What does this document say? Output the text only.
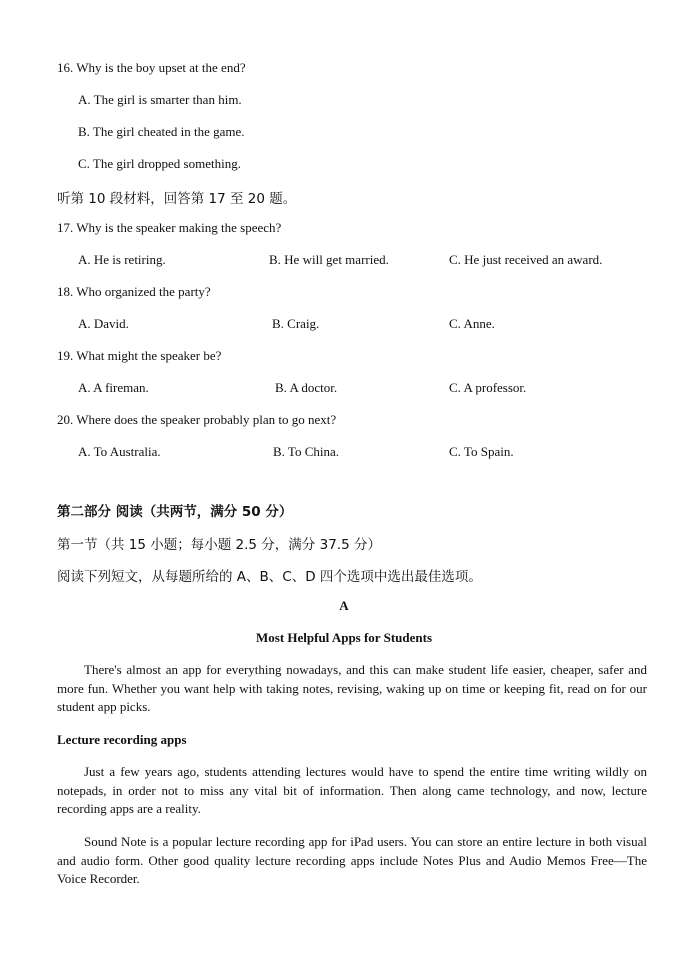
16. Why is the boy upset at the end?
A. The girl is smarter than him.
B. The girl cheated in the game.
C. The girl dropped something.
听第 10 段材料，回答第 17 至 20 题。
17. Why is the speaker making the speech?
A. He is retiring.	B. He will get married.	C. He just received an award.
18. Who organized the party?
A. David.	B. Craig.	C. Anne.
19. What might the speaker be?
A. A fireman.	B. A doctor.	C. A professor.
20. Where does the speaker probably plan to go next?
A. To Australia.	B. To China.	C. To Spain.
第二部分 阅读（共两节，满分 50 分）
第一节（共 15 小题；每小题 2.5 分，满分 37.5 分）
阅读下列短文，从每题所给的 A、B、C、D 四个选项中选出最佳选项。
A
Most Helpful Apps for Students
There's almost an app for everything nowadays, and this can make student life easier, cheaper, safer and more fun. Whether you want help with taking notes, revising, waking up on time or keeping fit, read on for our student app picks.
Lecture recording apps
Just a few years ago, students attending lectures would have to spend the entire time writing wildly on notepads, in order not to miss any vital bit of information. Then along came technology, and now, lecture recording apps are a reality.
Sound Note is a popular lecture recording app for iPad users. You can store an entire lecture in both visual and audio form. Other good quality lecture recording apps include Notes Plus and Audio Memos Free—The Voice Recorder.
